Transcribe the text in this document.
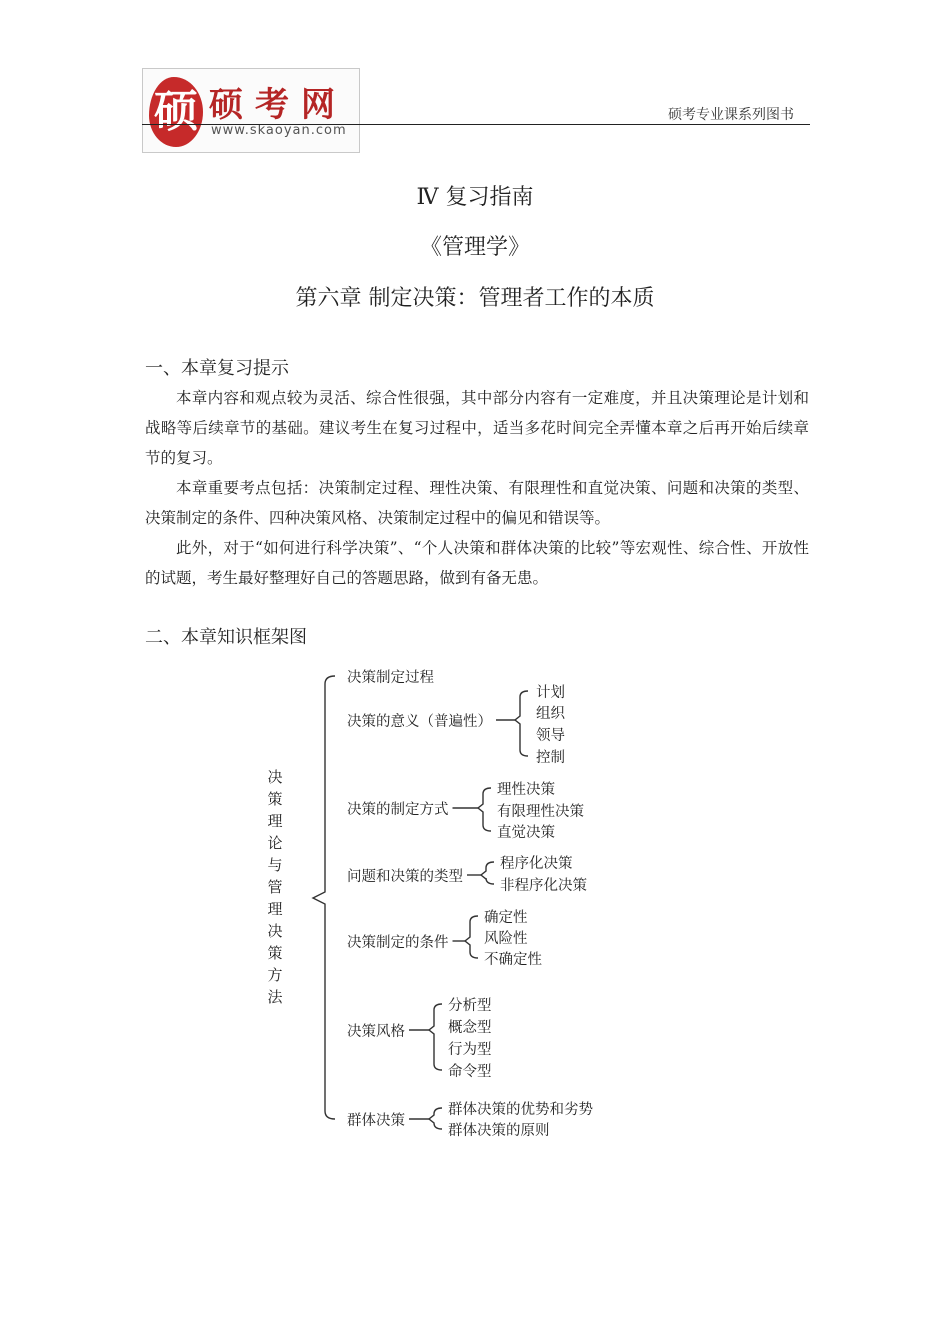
硕 硕考网
www.skaoyan.com
硕考专业课系列图书
Ⅳ 复习指南
《管理学》
第六章 制定决策：管理者工作的本质
一、本章复习提示
本章内容和观点较为灵活、综合性很强，其中部分内容有一定难度，并且决策理论是计划和战略等后续章节的基础。建议考生在复习过程中，适当多花时间完全弄懂本章之后再开始后续章节的复习。
本章重要考点包括：决策制定过程、理性决策、有限理性和直觉决策、问题和决策的类型、决策制定的条件、四种决策风格、决策制定过程中的偏见和错误等。
此外，对于“如何进行科学决策”、“个人决策和群体决策的比较”等宏观性、综合性、开放性的试题，考生最好整理好自己的答题思路，做到有备无患。
二、本章知识框架图
决策理论与管理决策方法
决策制定过程
决策的意义（普遍性）
计划
组织
领导
控制
决策的制定方式
理性决策
有限理性决策
直觉决策
问题和决策的类型
程序化决策
非程序化决策
决策制定的条件
确定性
风险性
不确定性
决策风格
分析型
概念型
行为型
命令型
群体决策
群体决策的优势和劣势
群体决策的原则
